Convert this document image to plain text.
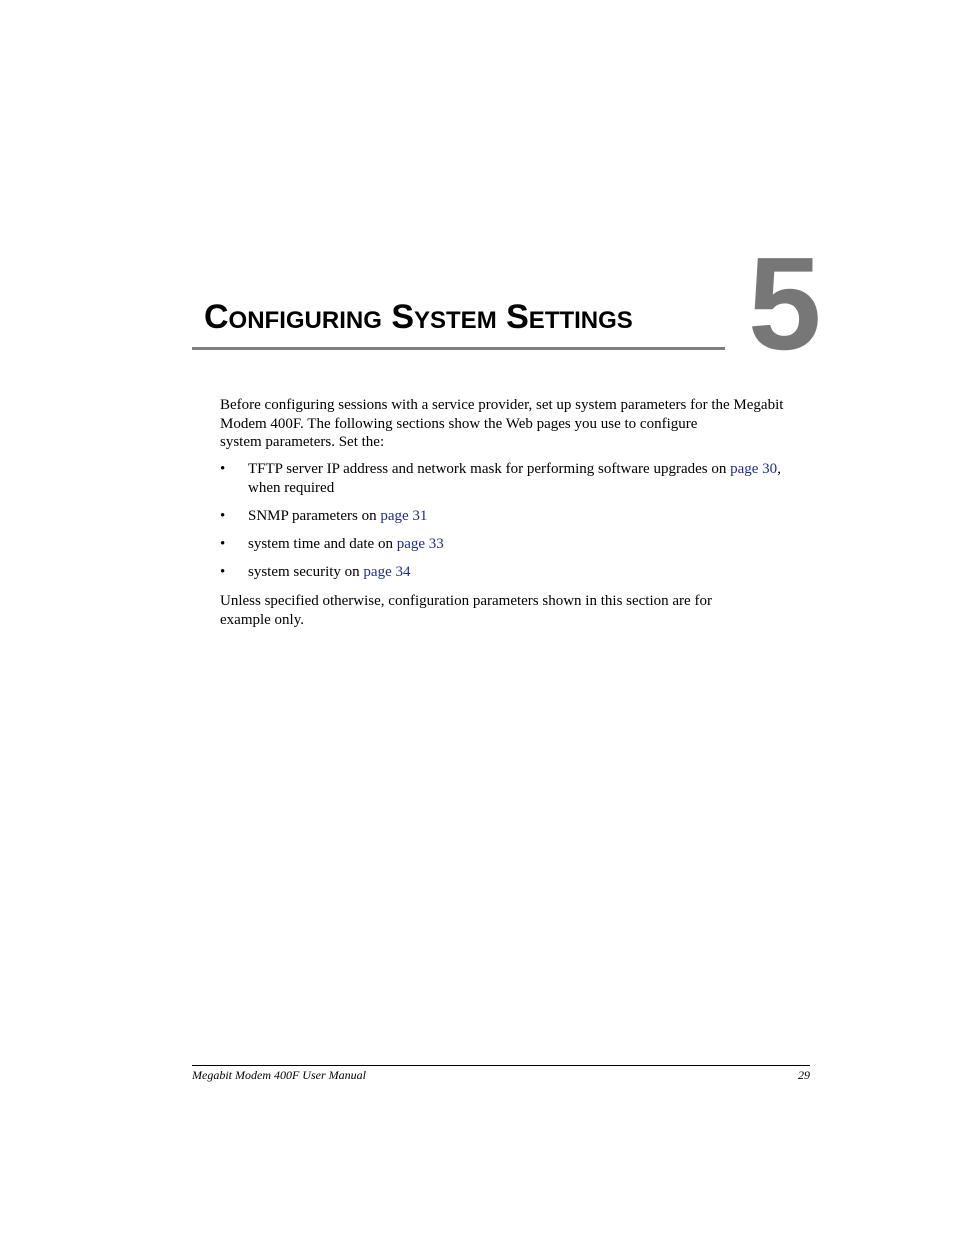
5
Configuring System Settings

Before configuring sessions with a service provider, set up system parameters for the Megabit
Modem 400F. The following sections show the Web pages you use to configure
system parameters. Set the:

• TFTP server IP address and network mask for performing software upgrades on page 30,
when required
• SNMP parameters on page 31
• system time and date on page 33
• system security on page 34

Unless specified otherwise, configuration parameters shown in this section are for
example only.

Megabit Modem 400F User Manual	29
